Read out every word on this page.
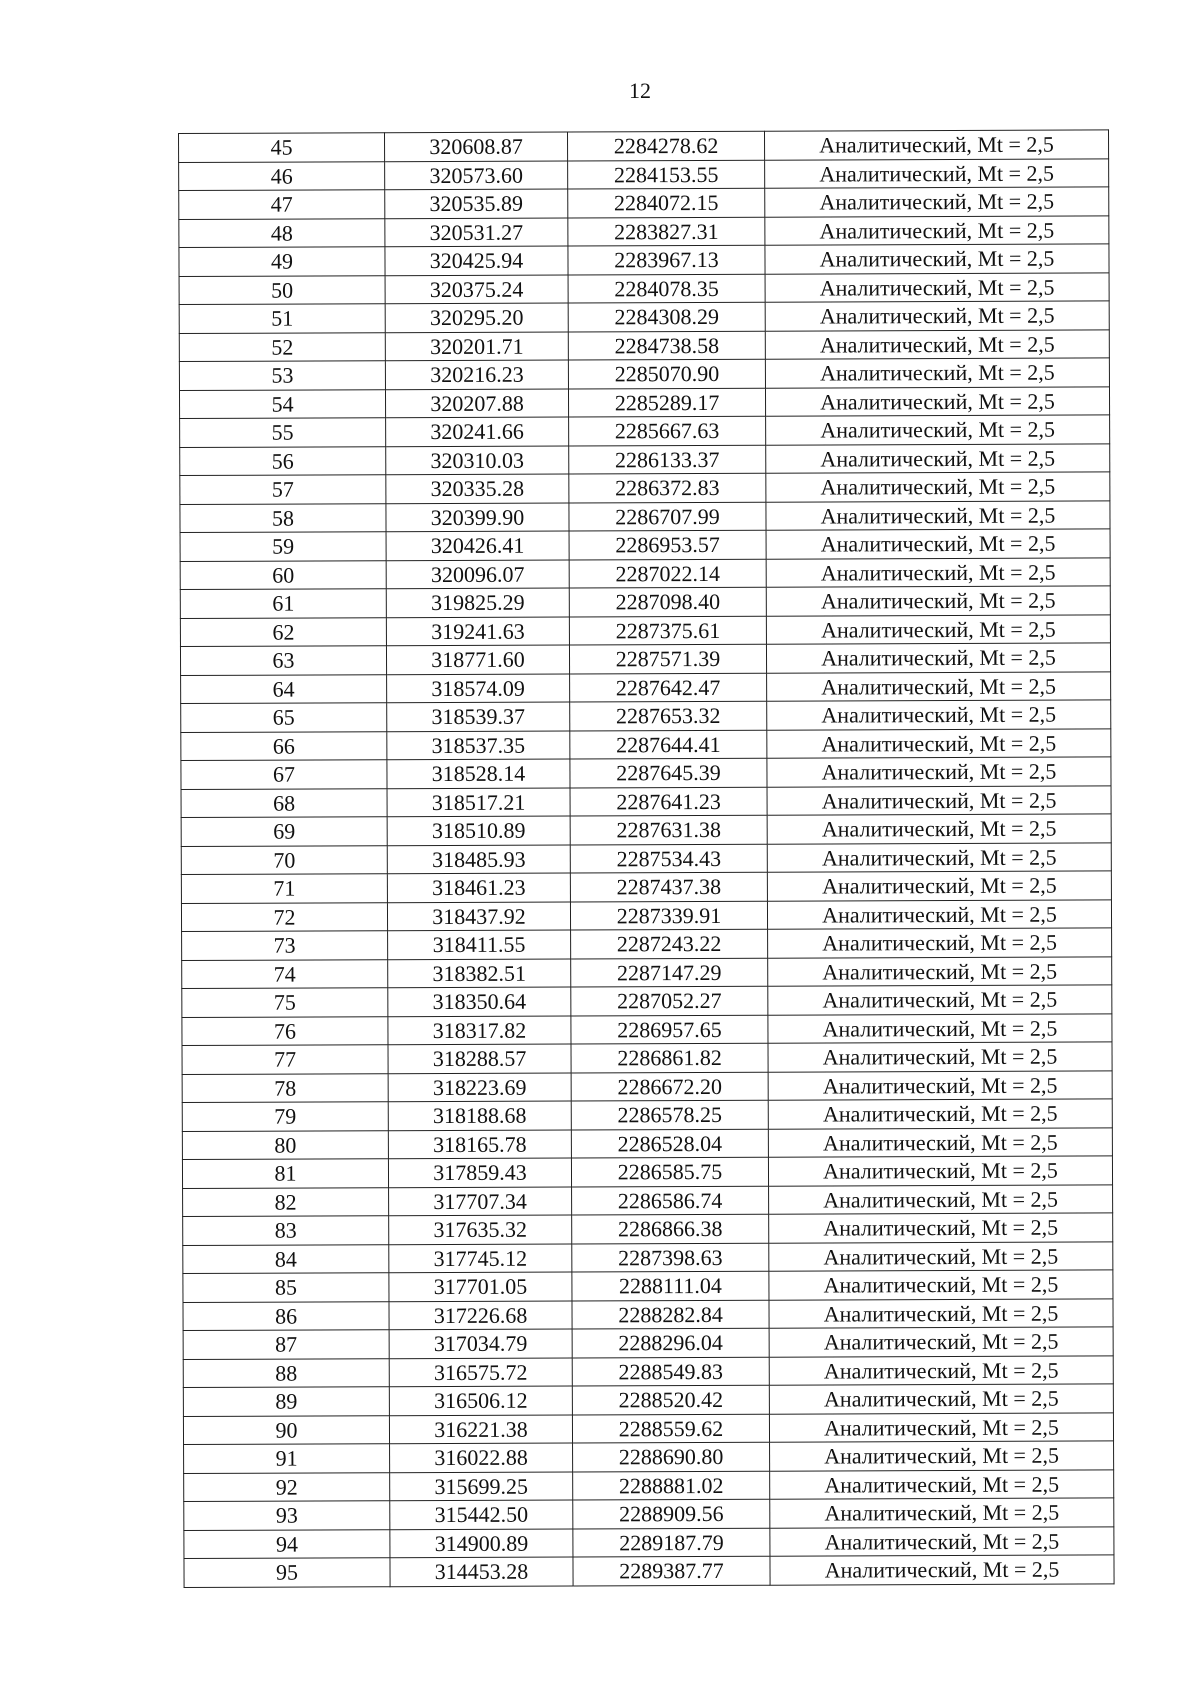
12
45	320608.87	2284278.62	Аналитический, Mt = 2,5
46	320573.60	2284153.55	Аналитический, Mt = 2,5
47	320535.89	2284072.15	Аналитический, Mt = 2,5
48	320531.27	2283827.31	Аналитический, Mt = 2,5
49	320425.94	2283967.13	Аналитический, Mt = 2,5
50	320375.24	2284078.35	Аналитический, Mt = 2,5
51	320295.20	2284308.29	Аналитический, Mt = 2,5
52	320201.71	2284738.58	Аналитический, Mt = 2,5
53	320216.23	2285070.90	Аналитический, Mt = 2,5
54	320207.88	2285289.17	Аналитический, Mt = 2,5
55	320241.66	2285667.63	Аналитический, Mt = 2,5
56	320310.03	2286133.37	Аналитический, Mt = 2,5
57	320335.28	2286372.83	Аналитический, Mt = 2,5
58	320399.90	2286707.99	Аналитический, Mt = 2,5
59	320426.41	2286953.57	Аналитический, Mt = 2,5
60	320096.07	2287022.14	Аналитический, Mt = 2,5
61	319825.29	2287098.40	Аналитический, Mt = 2,5
62	319241.63	2287375.61	Аналитический, Mt = 2,5
63	318771.60	2287571.39	Аналитический, Mt = 2,5
64	318574.09	2287642.47	Аналитический, Mt = 2,5
65	318539.37	2287653.32	Аналитический, Mt = 2,5
66	318537.35	2287644.41	Аналитический, Mt = 2,5
67	318528.14	2287645.39	Аналитический, Mt = 2,5
68	318517.21	2287641.23	Аналитический, Mt = 2,5
69	318510.89	2287631.38	Аналитический, Mt = 2,5
70	318485.93	2287534.43	Аналитический, Mt = 2,5
71	318461.23	2287437.38	Аналитический, Mt = 2,5
72	318437.92	2287339.91	Аналитический, Mt = 2,5
73	318411.55	2287243.22	Аналитический, Mt = 2,5
74	318382.51	2287147.29	Аналитический, Mt = 2,5
75	318350.64	2287052.27	Аналитический, Mt = 2,5
76	318317.82	2286957.65	Аналитический, Mt = 2,5
77	318288.57	2286861.82	Аналитический, Mt = 2,5
78	318223.69	2286672.20	Аналитический, Mt = 2,5
79	318188.68	2286578.25	Аналитический, Mt = 2,5
80	318165.78	2286528.04	Аналитический, Mt = 2,5
81	317859.43	2286585.75	Аналитический, Mt = 2,5
82	317707.34	2286586.74	Аналитический, Mt = 2,5
83	317635.32	2286866.38	Аналитический, Mt = 2,5
84	317745.12	2287398.63	Аналитический, Mt = 2,5
85	317701.05	2288111.04	Аналитический, Mt = 2,5
86	317226.68	2288282.84	Аналитический, Mt = 2,5
87	317034.79	2288296.04	Аналитический, Mt = 2,5
88	316575.72	2288549.83	Аналитический, Mt = 2,5
89	316506.12	2288520.42	Аналитический, Mt = 2,5
90	316221.38	2288559.62	Аналитический, Mt = 2,5
91	316022.88	2288690.80	Аналитический, Mt = 2,5
92	315699.25	2288881.02	Аналитический, Mt = 2,5
93	315442.50	2288909.56	Аналитический, Mt = 2,5
94	314900.89	2289187.79	Аналитический, Mt = 2,5
95	314453.28	2289387.77	Аналитический, Mt = 2,5
